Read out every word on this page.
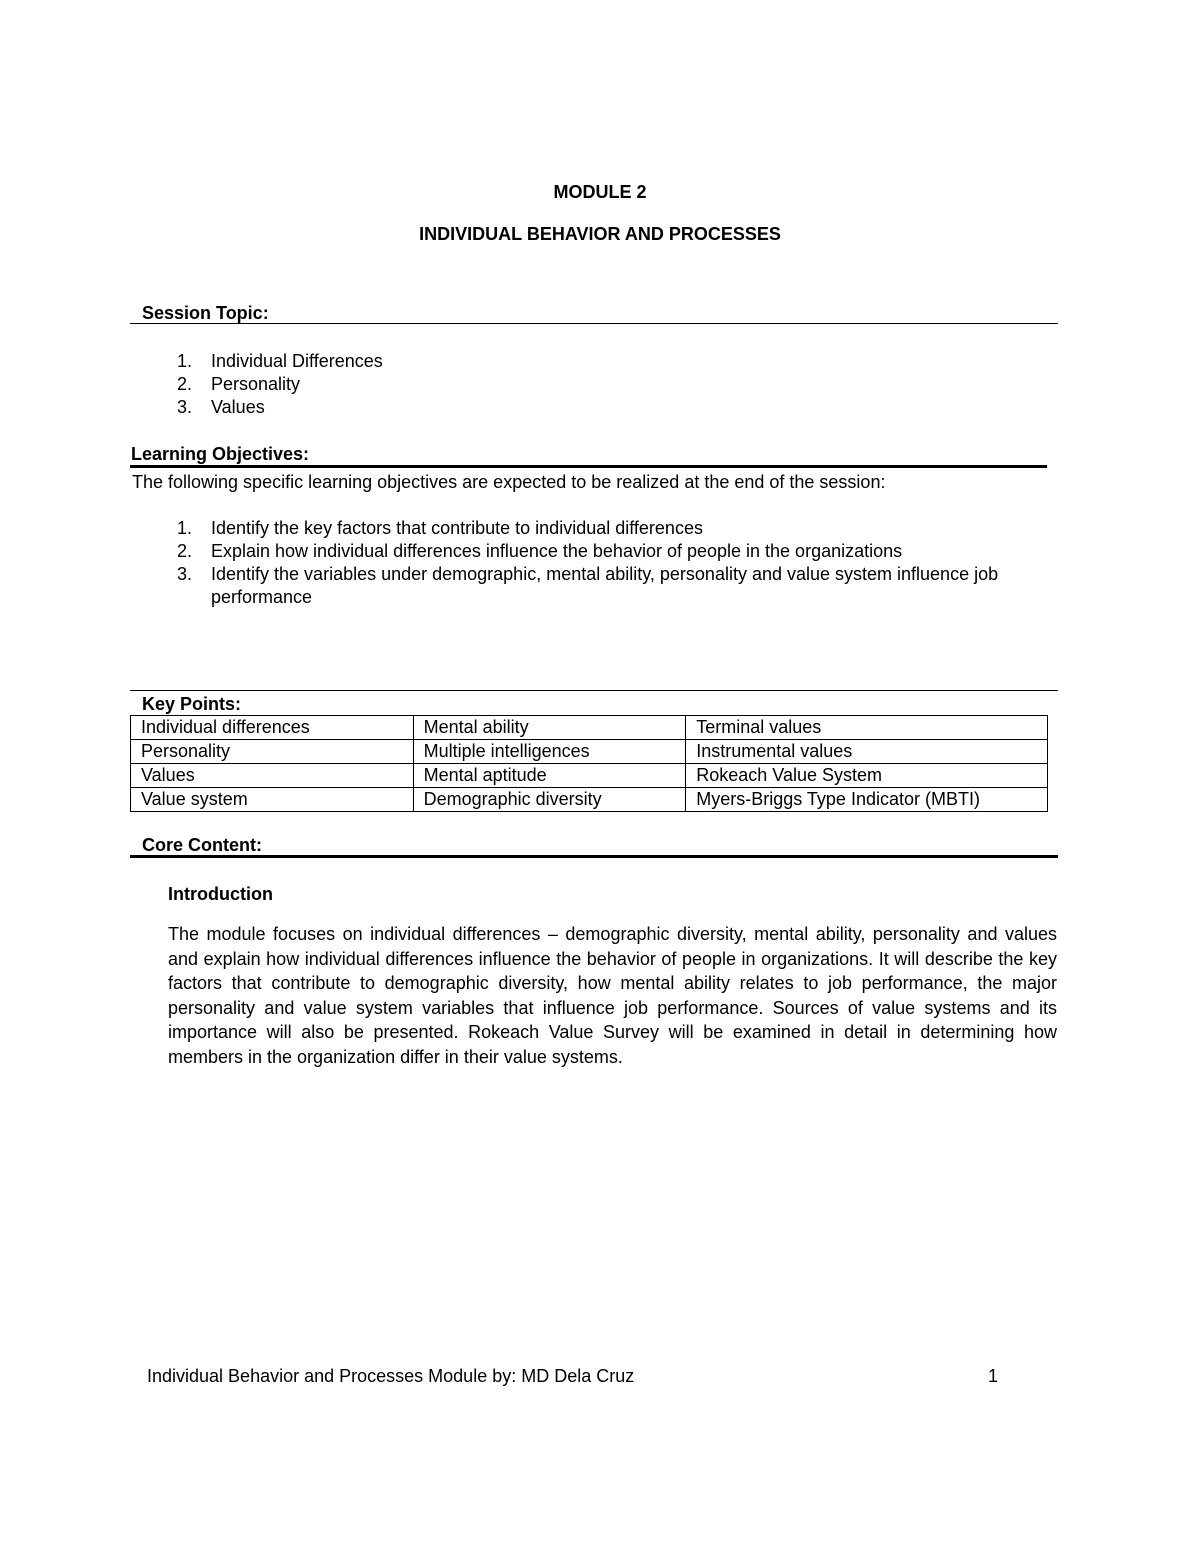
MODULE 2

INDIVIDUAL BEHAVIOR AND PROCESSES

Session Topic:

1. Individual Differences
2. Personality
3. Values

Learning Objectives:

The following specific learning objectives are expected to be realized at the end of the session:

1. Identify the key factors that contribute to individual differences
2. Explain how individual differences influence the behavior of people in the organizations
3. Identify the variables under demographic, mental ability, personality and value system influence job performance

Key Points:

Individual differences	Mental ability	Terminal values
Personality	Multiple intelligences	Instrumental values
Values	Mental aptitude	Rokeach Value System
Value system	Demographic diversity	Myers-Briggs Type Indicator (MBTI)

Core Content:

Introduction

The module focuses on individual differences – demographic diversity, mental ability, personality and values and explain how individual differences influence the behavior of people in organizations. It will describe the key factors that contribute to demographic diversity, how mental ability relates to job performance, the major personality and value system variables that influence job performance. Sources of value systems and its importance will also be presented. Rokeach Value Survey will be examined in detail in determining how members in the organization differ in their value systems.

Individual Behavior and Processes Module by: MD Dela Cruz	1
